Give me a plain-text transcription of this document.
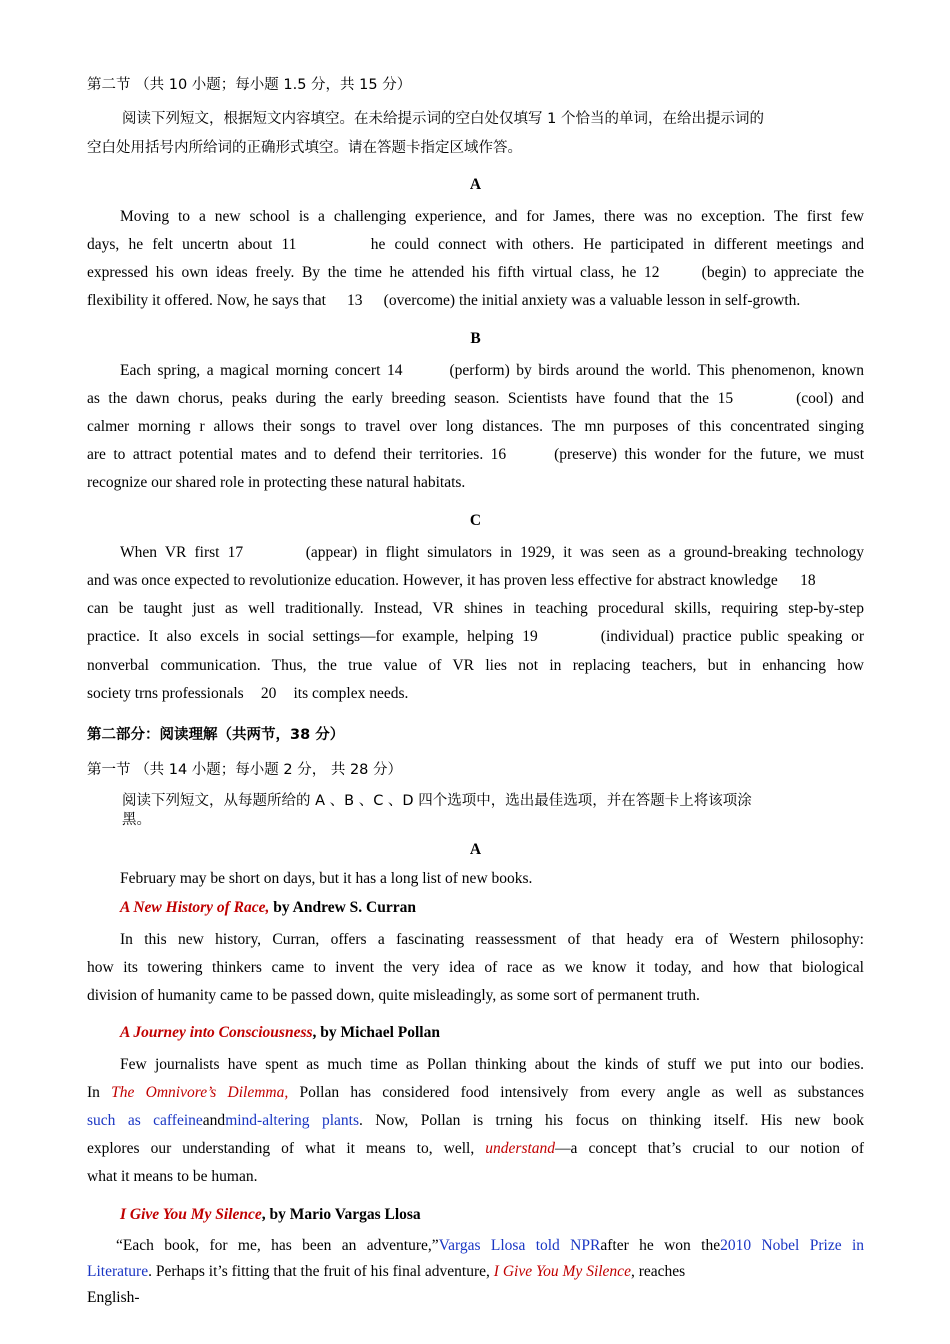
第二节 （共 10 小题；每小题 1.5 分，共 15 分）
阅读下列短文，根据短文内容填空。在未给提示词的空白处仅填写 1 个恰当的单词，在给出提示词的
空白处用括号内所给词的正确形式填空。请在答题卡指定区域作答。
A
Moving to a new school is a challenging experience, and for James, there was no exception. The first few
days, he felt uncertn about 11	he could connect with others. He participated in different meetings and
expressed his own ideas freely. By the time he attended his fifth virtual class, he 12	(begin) to appreciate the
flexibility it offered. Now, he says that 13 (overcome) the initial anxiety was a valuable lesson in self-growth.
B
Each spring, a magical morning concert 14	(perform) by birds around the world. This phenomenon, known
as the dawn chorus, peaks during the early breeding season. Scientists have found that the 15	(cool) and
calmer morning r allows their songs to travel over long distances. The mn purposes of this concentrated singing
are to attract potential mates and to defend their territories. 16	(preserve) this wonder for the future, we must
recognize our shared role in protecting these natural habitats.
C
When VR first 17	(appear) in flight simulators in 1929, it was seen as a ground-breaking technology
and was once expected to revolutionize education. However, it has proven less effective for abstract knowledge 18
can be taught just as well traditionally. Instead, VR shines in teaching procedural skills, requiring step-by-step
practice. It also excels in social settings—for example, helping 19	(individual) practice public speaking or
nonverbal communication. Thus, the true value of VR lies not in replacing teachers, but in enhancing how
society trns professionals 20 its complex needs.
第二部分：阅读理解（共两节，38 分）
第一节 （共 14 小题；每小题 2 分， 共 28 分）
阅读下列短文，从每题所给的 A 、B 、C 、D 四个选项中，选出最佳选项，并在答题卡上将该项涂
黑。
A
February may be short on days, but it has a long list of new books.
A New History of Race, by Andrew S. Curran
In this new history, Curran, offers a fascinating reassessment of that heady era of Western philosophy:
how its towering thinkers came to invent the very idea of race as we know it today, and how that biological
division of humanity came to be passed down, quite misleadingly, as some sort of permanent truth.
A Journey into Consciousness, by Michael Pollan
Few journalists have spent as much time as Pollan thinking about the kinds of stuff we put into our bodies.
In The Omnivore’s Dilemma, Pollan has considered food intensively from every angle as well as substances
such as caffeineandmind-altering plants. Now, Pollan is trning his focus on thinking itself. His new book
explores our understanding of what it means to, well, understand—a concept that’s crucial to our notion of
what it means to be human.
I Give You My Silence, by Mario Vargas Llosa
“Each book, for me, has been an adventure,”Vargas Llosa told NPRafter he won the2010 Nobel Prize in
Literature. Perhaps it’s fitting that the fruit of his final adventure, I Give You My Silence, reaches
English-
